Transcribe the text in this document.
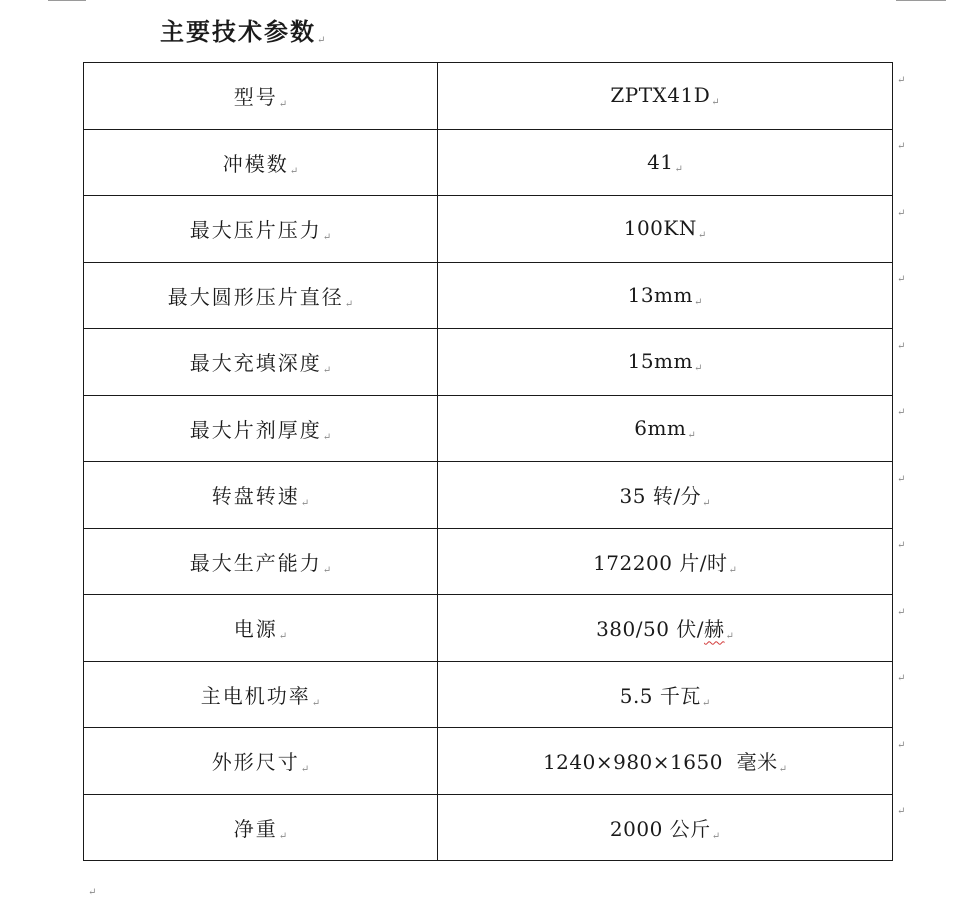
主要技术参数↵
型号↵	ZPTX41D↵
冲模数↵	41↵
最大压片压力↵	100KN↵
最大圆形压片直径↵	13mm↵
最大充填深度↵	15mm↵
最大片剂厚度↵	6mm↵
转盘转速↵	35 转/分↵
最大生产能力↵	172200 片/时↵
电源↵	380/50 伏/赫↵
主电机功率↵	5.5 千瓦↵
外形尺寸↵	1240×980×1650  毫米↵
净重↵	2000 公斤↵
↵
↵
↵
↵
↵
↵
↵
↵
↵
↵
↵
↵
↵
